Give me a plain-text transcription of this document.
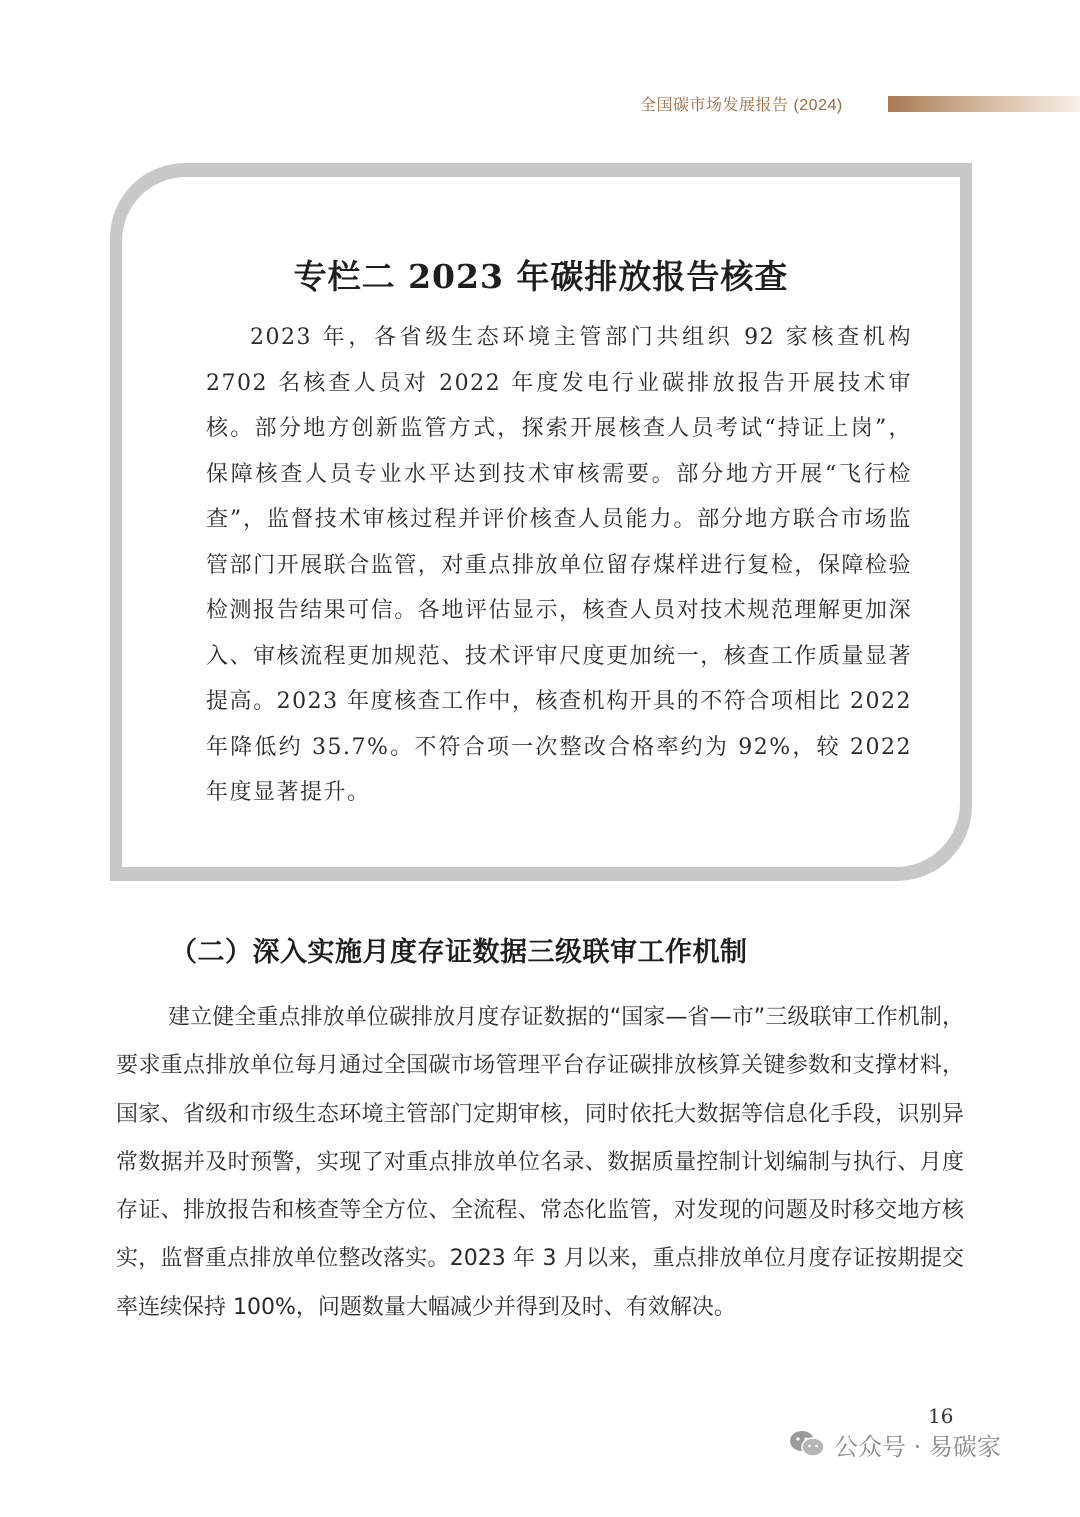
全国碳市场发展报告 (2024)
专栏二 2023 年碳排放报告核查

2023 年，各省级生态环境主管部门共组织 92 家核查机构 2702 名核查人员对 2022 年度发电行业碳排放报告开展技术审核。部分地方创新监管方式，探索开展核查人员考试“持证上岗”，保障核查人员专业水平达到技术审核需要。部分地方开展“飞行检查”，监督技术审核过程并评价核查人员能力。部分地方联合市场监管部门开展联合监管，对重点排放单位留存煤样进行复检，保障检验检测报告结果可信。各地评估显示，核查人员对技术规范理解更加深入、审核流程更加规范、技术评审尺度更加统一，核查工作质量显著提高。2023 年度核查工作中，核查机构开具的不符合项相比 2022 年降低约 35.7%。不符合项一次整改合格率约为 92%，较 2022 年度显著提升。

（二）深入实施月度存证数据三级联审工作机制

建立健全重点排放单位碳排放月度存证数据的“国家—省—市”三级联审工作机制，要求重点排放单位每月通过全国碳市场管理平台存证碳排放核算关键参数和支撑材料，国家、省级和市级生态环境主管部门定期审核，同时依托大数据等信息化手段，识别异常数据并及时预警，实现了对重点排放单位名录、数据质量控制计划编制与执行、月度存证、排放报告和核查等全方位、全流程、常态化监管，对发现的问题及时移交地方核实，监督重点排放单位整改落实。2023 年 3 月以来，重点排放单位月度存证按期提交率连续保持 100%，问题数量大幅减少并得到及时、有效解决。

16
公众号 · 易碳家
